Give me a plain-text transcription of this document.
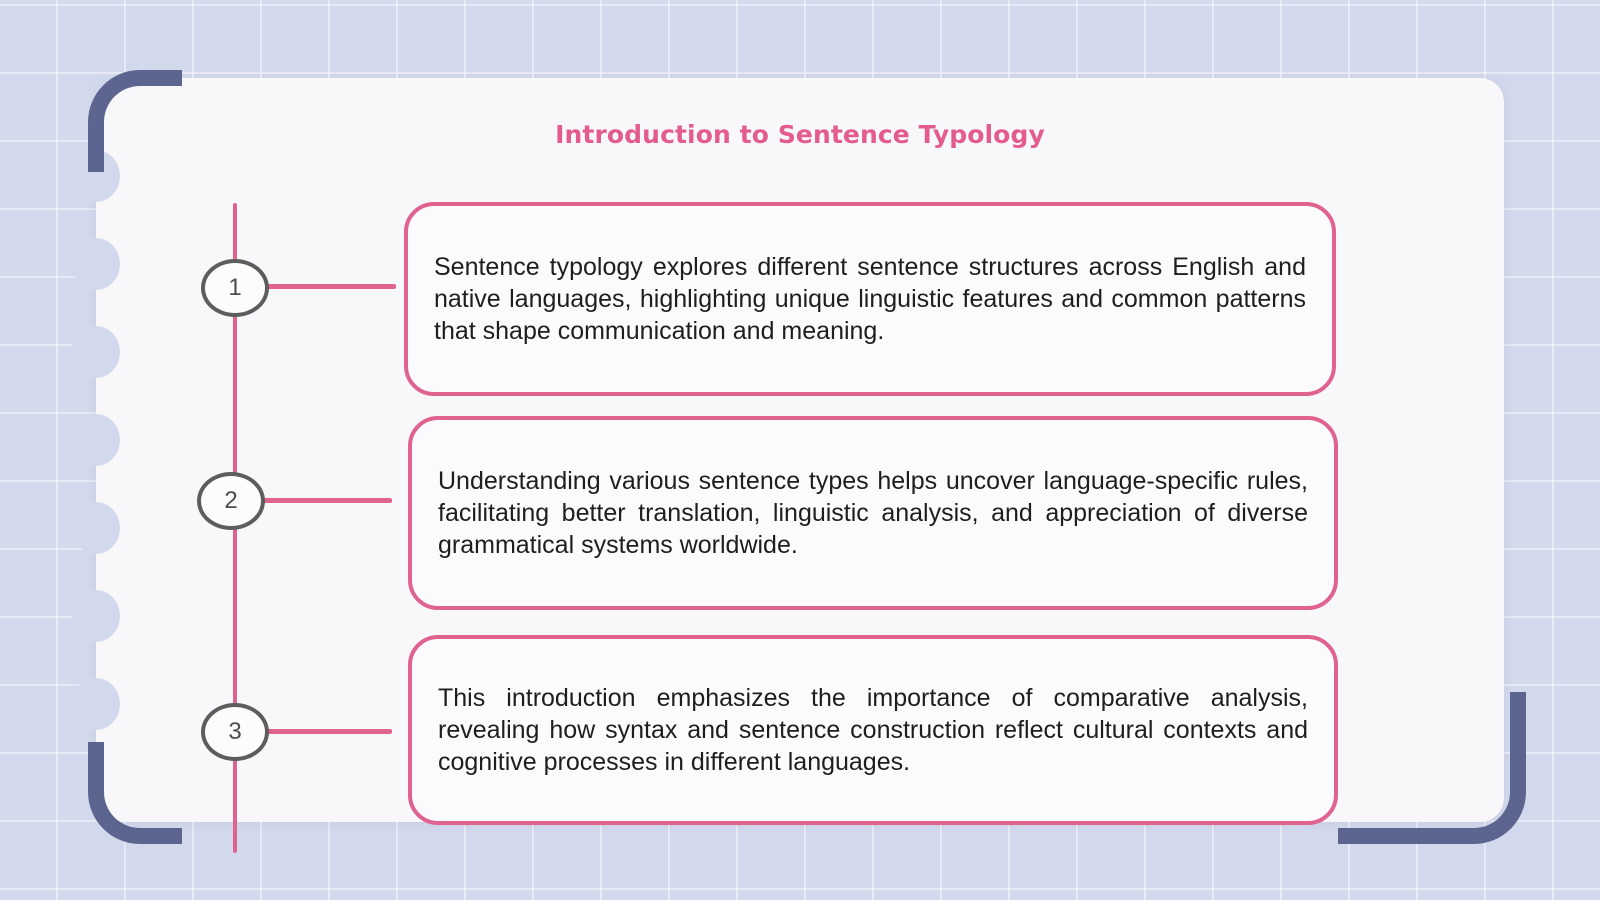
Introduction to Sentence Typology
1

Sentence typology explores different sentence structures across English and native languages, highlighting unique linguistic features and common patterns that shape communication and meaning.

2

Understanding various sentence types helps uncover language-specific rules, facilitating better translation, linguistic analysis, and appreciation of diverse grammatical systems worldwide.

3

This introduction emphasizes the importance of comparative analysis, revealing how syntax and sentence construction reflect cultural contexts and cognitive processes in different languages.
